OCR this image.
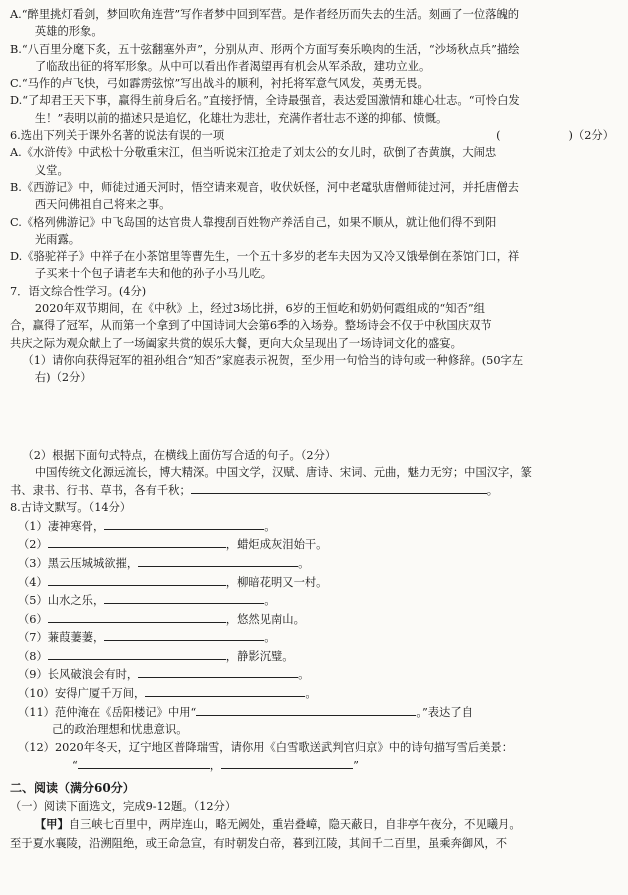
A.“醉里挑灯看剑，梦回吹角连营”写作者梦中回到军营。是作者经历而失去的生活。刻画了一位落魄的

英雄的形象。

B.“八百里分麾下炙，五十弦翻塞外声”，分别从声、形两个方面写奏乐唤肉的生活，“沙场秋点兵”描绘

了临敌出征的将军形象。从中可以看出作者渴望再有机会从军杀敌，建功立业。

C.“马作的卢飞快，弓如霹雳弦惊”写出战斗的顺利，衬托将军意气风发，英勇无畏。

D.“了却君王天下事，赢得生前身后名。”直接抒情，全诗最强音，表达爱国激情和雄心壮志。“可怜白发

生！”表明以前的描述只是追忆，化雄壮为悲壮，充满作者壮志不遂的抑郁、愤慨。

6.选出下列关于课外名著的说法有误的一项	(	)（2分）

A.《水浒传》中武松十分敬重宋江，但当听说宋江抢走了刘太公的女儿时，砍倒了杏黄旗，大闹忠

义堂。

B.《西游记》中，师徒过通天河时，悟空请来观音，收伏妖怪，河中老鼋驮唐僧师徒过河，并托唐僧去

西天问佛祖自己将来之事。

C.《格列佛游记》中飞岛国的达官贵人靠搜刮百姓物产养活自己，如果不顺从，就让他们得不到阳

光雨露。

D.《骆驼祥子》中祥子在小茶馆里等曹先生，一个五十多岁的老车夫因为又冷又饿晕倒在茶馆门口，祥

子买来十个包子请老车夫和他的孙子小马儿吃。

7．语文综合性学习。(4分)

2020年双节期间，在《中秋》上，经过3场比拼，6岁的王恒屹和奶奶何霞组成的“知否”组

合，赢得了冠军，从而第一个拿到了中国诗词大会第6季的入场券。整场诗会不仅于中秋国庆双节

共庆之际为观众献上了一场阖家共赏的娱乐大餐，更向大众呈现出了一场诗词文化的盛宴。

（1）请你向获得冠军的祖孙组合“知否”家庭表示祝贺，至少用一句恰当的诗句或一种修辞。(50字左

右)（2分）

（2）根据下面句式特点，在横线上面仿写合适的句子。（2分）

中国传统文化源远流长，博大精深。中国文学，汉赋、唐诗、宋词、元曲，魅力无穷；中国汉字，篆

书、隶书、行书、草书，各有千秋；	。

8.古诗文默写。（14分）

（1）凄神寒骨，	。

（2）	，蜡炬成灰泪始干。

（3）黑云压城城欲摧，	。

（4）	，柳暗花明又一村。

（5）山水之乐，	。

（6）	，悠然见南山。

（7）蒹葭萋萋，	。

（8）	，静影沉璧。

（9）长风破浪会有时，	。

（10）安得广厦千万间，	。

（11）范仲淹在《岳阳楼记》中用“	。”表达了自

己的政治理想和忧患意识。

（12）2020年冬天，辽宁地区普降瑞雪，请你用《白雪歌送武判官归京》中的诗句描写雪后美景：

“	，	”

二、阅读（满分60分）

（一）阅读下面选文，完成9-12题。（12分）

【甲】自三峡七百里中，两岸连山，略无阙处，重岩叠嶂，隐天蔽日，自非亭午夜分，不见曦月。

至于夏水襄陵，沿溯阻绝，或王命急宣，有时朝发白帝，暮到江陵，其间千二百里，虽乘奔御风，不
